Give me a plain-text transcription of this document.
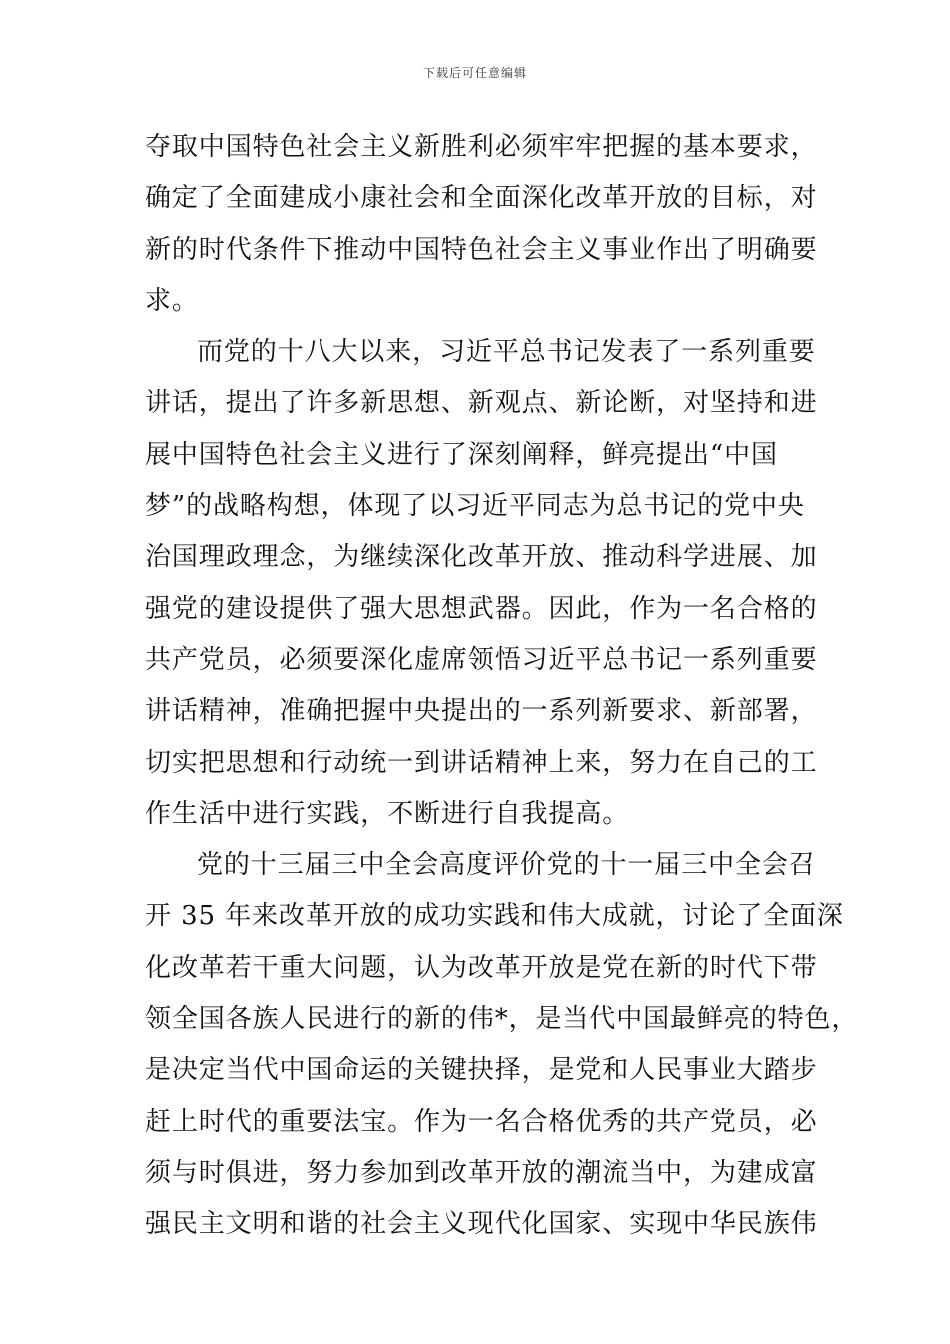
下载后可任意编辑
夺取中国特色社会主义新胜利必须牢牢把握的基本要求，
确定了全面建成小康社会和全面深化改革开放的目标，对
新的时代条件下推动中国特色社会主义事业作出了明确要
求。
而党的十八大以来，习近平总书记发表了一系列重要
讲话，提出了许多新思想、新观点、新论断，对坚持和进
展中国特色社会主义进行了深刻阐释，鲜亮提出“中国
梦”的战略构想，体现了以习近平同志为总书记的党中央
治国理政理念，为继续深化改革开放、推动科学进展、加
强党的建设提供了强大思想武器。因此，作为一名合格的
共产党员，必须要深化虚席领悟习近平总书记一系列重要
讲话精神，准确把握中央提出的一系列新要求、新部署，
切实把思想和行动统一到讲话精神上来，努力在自己的工
作生活中进行实践，不断进行自我提高。
党的十三届三中全会高度评价党的十一届三中全会召
开 35 年来改革开放的成功实践和伟大成就，讨论了全面深
化改革若干重大问题，认为改革开放是党在新的时代下带
领全国各族人民进行的新的伟*，是当代中国最鲜亮的特色，
是决定当代中国命运的关键抉择，是党和人民事业大踏步
赶上时代的重要法宝。作为一名合格优秀的共产党员，必
须与时俱进，努力参加到改革开放的潮流当中，为建成富
强民主文明和谐的社会主义现代化国家、实现中华民族伟
